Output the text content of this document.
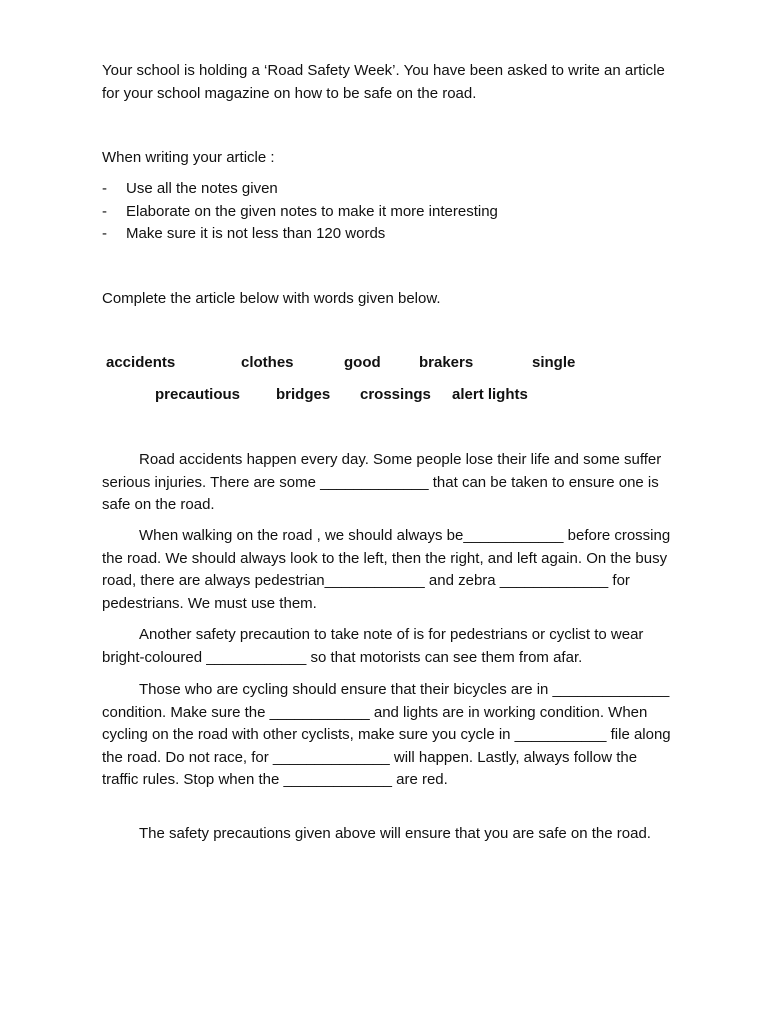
Your school is holding a ‘Road Safety Week’. You have been asked to write an article for your school magazine on how to be safe on the road.

When writing your article :
- Use all the notes given
- Elaborate on the given notes to make it more interesting
- Make sure it is not less than 120 words
Complete the article below with words given below.
accidents	clothes	good	brakers	single
precautious bridges crossings alert lights

Road accidents happen every day. Some people lose their life and some suffer serious injuries. There are some _____________ that can be taken to ensure one is safe on the road.

When walking on the road , we should always be____________ before crossing the road. We should always look to the left, then the right, and left again. On the busy road, there are always pedestrian____________ and zebra _____________ for pedestrians. We must use them.

Another safety precaution to take note of is for pedestrians or cyclist to wear bright-coloured ____________ so that motorists can see them from afar.

Those who are cycling should ensure that their bicycles are in ______________ condition. Make sure the ____________ and lights are in working condition. When cycling on the road with other cyclists, make sure you cycle in ___________ file along the road. Do not race, for ______________ will happen. Lastly, always follow the traffic rules. Stop when the _____________ are red.

The safety precautions given above will ensure that you are safe on the road.
